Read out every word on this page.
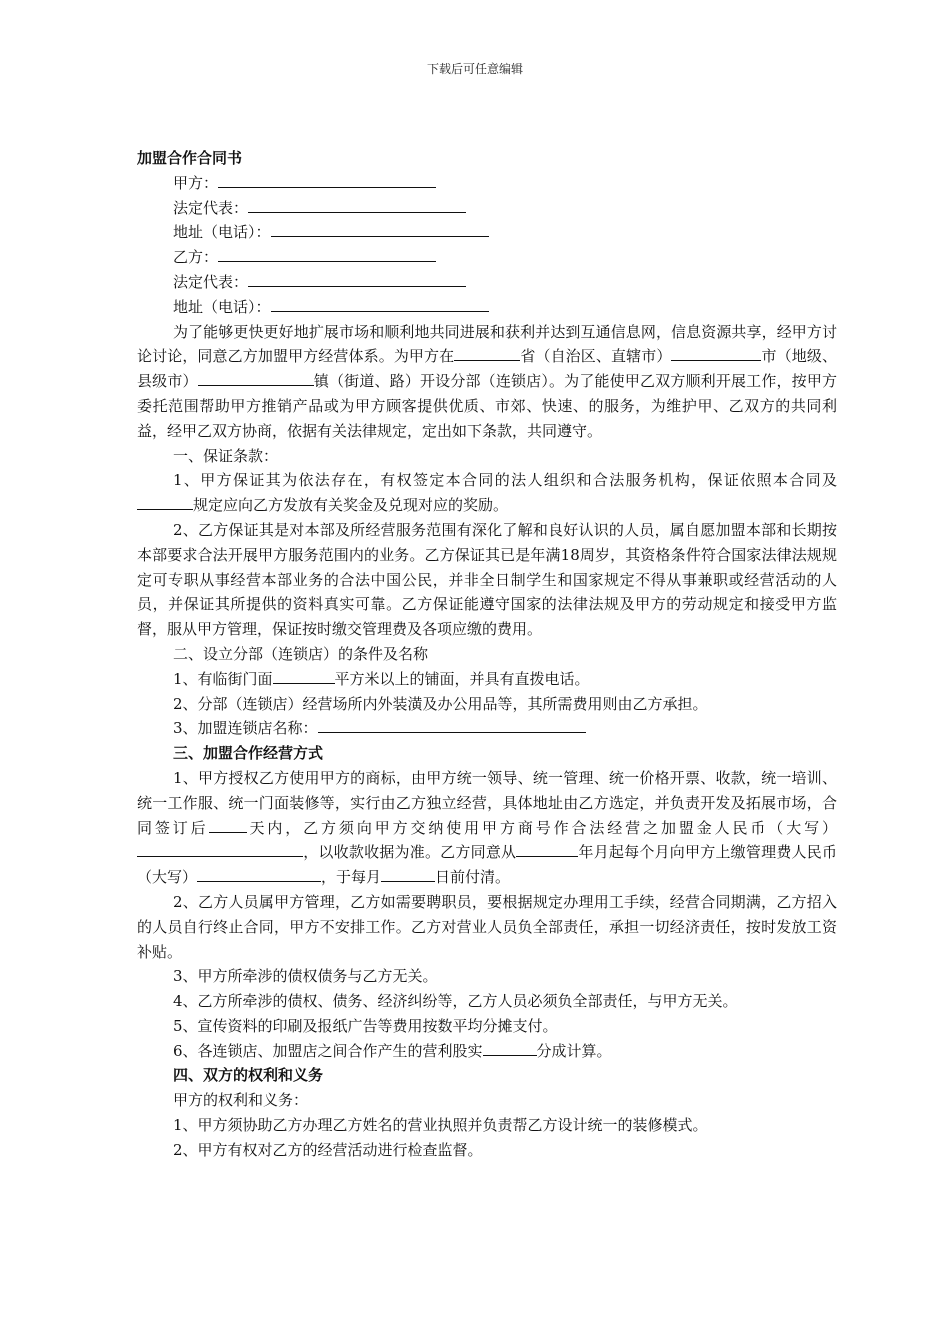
下载后可任意编辑

加盟合作合同书

甲方：

法定代表：

地址（电话）：

乙方：

法定代表：

地址（电话）：

为了能够更快更好地扩展市场和顺利地共同进展和获利并达到互通信息网，信息资源共享，经甲方讨论讨论，同意乙方加盟甲方经营体系。为甲方在	省（自治区、直辖市）	市（地级、县级市）	镇（街道、路）开设分部（连锁店）。为了能使甲乙双方顺利开展工作，按甲方委托范围帮助甲方推销产品或为甲方顾客提供优质、市郊、快速、的服务，为维护甲、乙双方的共同利益，经甲乙双方协商，依据有关法律规定，定出如下条款，共同遵守。

一、保证条款：

1、甲方保证其为依法存在，有权签定本合同的法人组织和合法服务机构，保证依照本合同及规定应向乙方发放有关奖金及兑现对应的奖励。

2、乙方保证其是对本部及所经营服务范围有深化了解和良好认识的人员，属自愿加盟本部和长期按本部要求合法开展甲方服务范围内的业务。乙方保证其已是年满18周岁，其资格条件符合国家法律法规规定可专职从事经营本部业务的合法中国公民，并非全日制学生和国家规定不得从事兼职或经营活动的人员，并保证其所提供的资料真实可靠。乙方保证能遵守国家的法律法规及甲方的劳动规定和接受甲方监督，服从甲方管理，保证按时缴交管理费及各项应缴的费用。

二、设立分部（连锁店）的条件及名称

1、有临街门面	平方米以上的铺面，并具有直拨电话。

2、分部（连锁店）经营场所内外装潢及办公用品等，其所需费用则由乙方承担。

3、加盟连锁店名称：

三、加盟合作经营方式

1、甲方授权乙方使用甲方的商标，由甲方统一领导、统一管理、统一价格开票、收款，统一培训、统一工作服、统一门面装修等，实行由乙方独立经营，具体地址由乙方选定，并负责开发及拓展市场，合同签订后	天内，乙方须向甲方交纳使用甲方商号作合法经营之加盟金人民币（大写），以收款收据为准。乙方同意从	年月起每个月向甲方上缴管理费人民币（大写）	，于每月	日前付清。

2、乙方人员属甲方管理，乙方如需要聘职员，要根据规定办理用工手续，经营合同期满，乙方招入的人员自行终止合同，甲方不安排工作。乙方对营业人员负全部责任，承担一切经济责任，按时发放工资补贴。

3、甲方所牵涉的债权债务与乙方无关。

4、乙方所牵涉的债权、债务、经济纠纷等，乙方人员必须负全部责任，与甲方无关。

5、宣传资料的印刷及报纸广告等费用按数平均分摊支付。

6、各连锁店、加盟店之间合作产生的营利股实	分成计算。

四、双方的权利和义务

甲方的权利和义务：

1、甲方须协助乙方办理乙方姓名的营业执照并负责帮乙方设计统一的装修模式。

2、甲方有权对乙方的经营活动进行检查监督。
